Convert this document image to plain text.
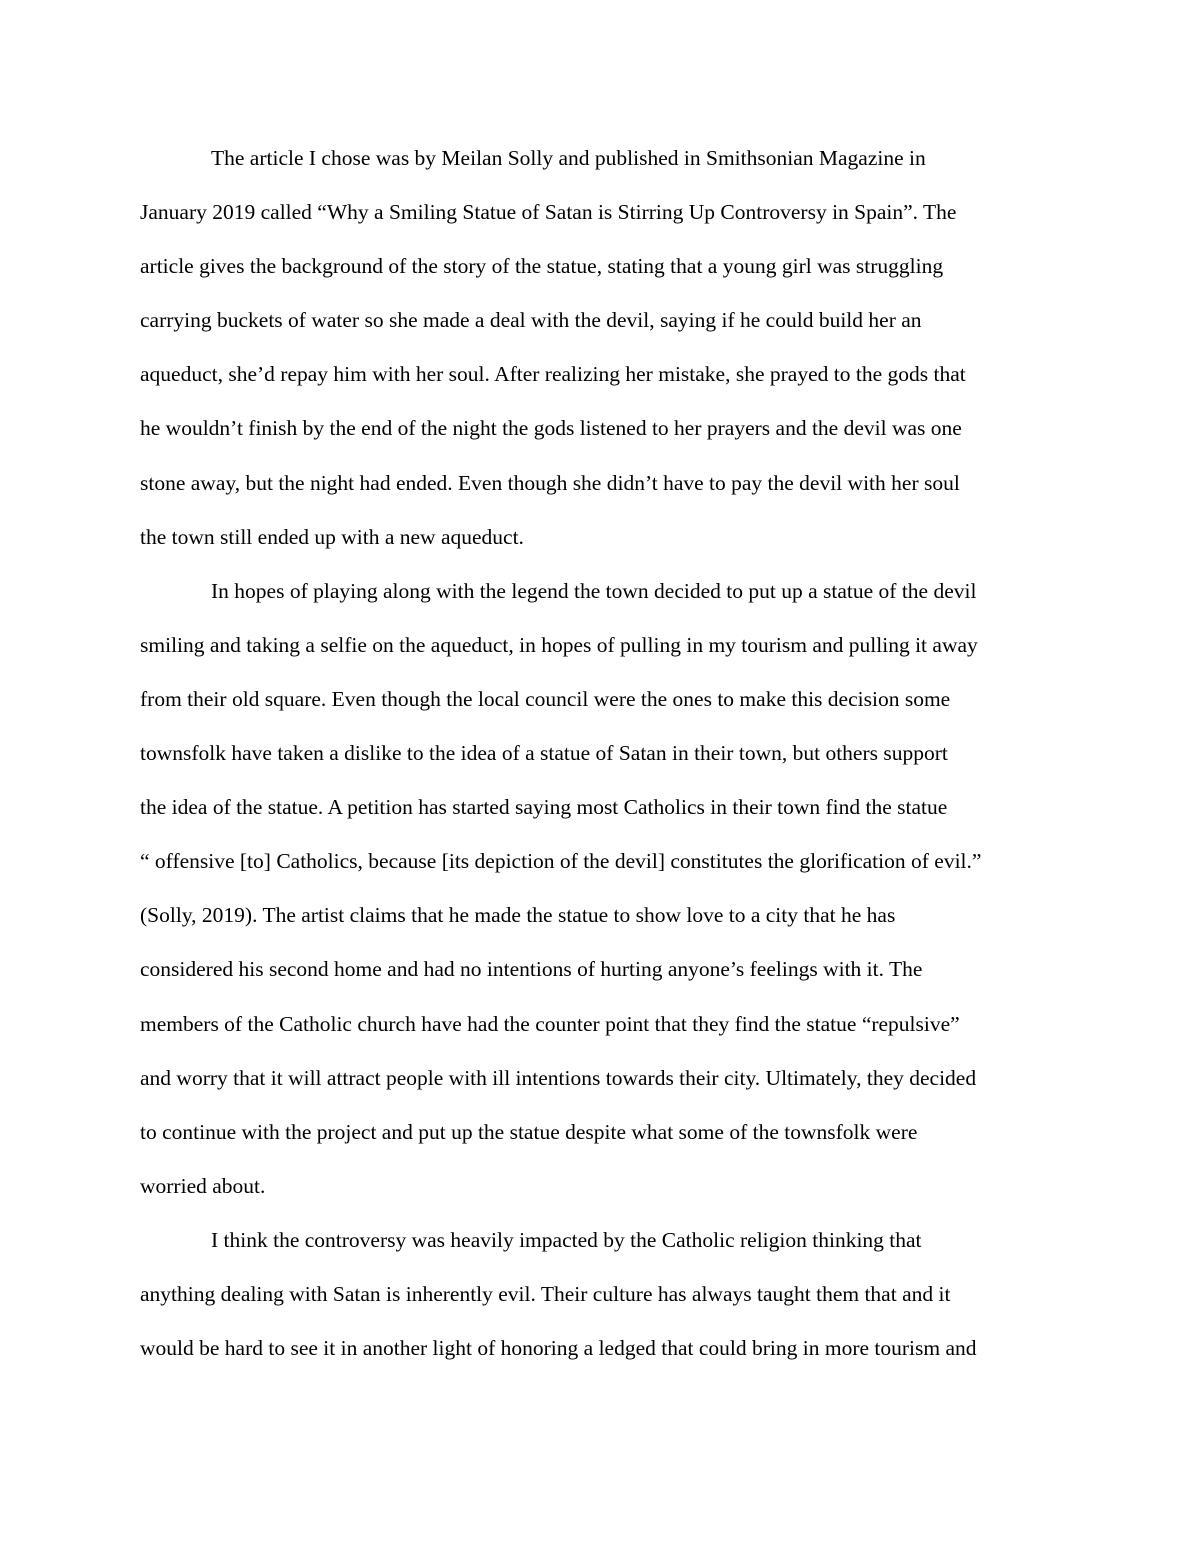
The article I chose was by Meilan Solly and published in Smithsonian Magazine in
January 2019 called “Why a Smiling Statue of Satan is Stirring Up Controversy in Spain”. The
article gives the background of the story of the statue, stating that a young girl was struggling
carrying buckets of water so she made a deal with the devil, saying if he could build her an
aqueduct, she’d repay him with her soul. After realizing her mistake, she prayed to the gods that
he wouldn’t finish by the end of the night the gods listened to her prayers and the devil was one
stone away, but the night had ended. Even though she didn’t have to pay the devil with her soul
the town still ended up with a new aqueduct.

In hopes of playing along with the legend the town decided to put up a statue of the devil
smiling and taking a selfie on the aqueduct, in hopes of pulling in my tourism and pulling it away
from their old square. Even though the local council were the ones to make this decision some
townsfolk have taken a dislike to the idea of a statue of Satan in their town, but others support
the idea of the statue. A petition has started saying most Catholics in their town find the statue
“ offensive [to] Catholics, because [its depiction of the devil] constitutes the glorification of evil.”
(Solly, 2019). The artist claims that he made the statue to show love to a city that he has
considered his second home and had no intentions of hurting anyone’s feelings with it. The
members of the Catholic church have had the counter point that they find the statue “repulsive”
and worry that it will attract people with ill intentions towards their city. Ultimately, they decided
to continue with the project and put up the statue despite what some of the townsfolk were
worried about.

I think the controversy was heavily impacted by the Catholic religion thinking that
anything dealing with Satan is inherently evil. Their culture has always taught them that and it
would be hard to see it in another light of honoring a ledged that could bring in more tourism and
